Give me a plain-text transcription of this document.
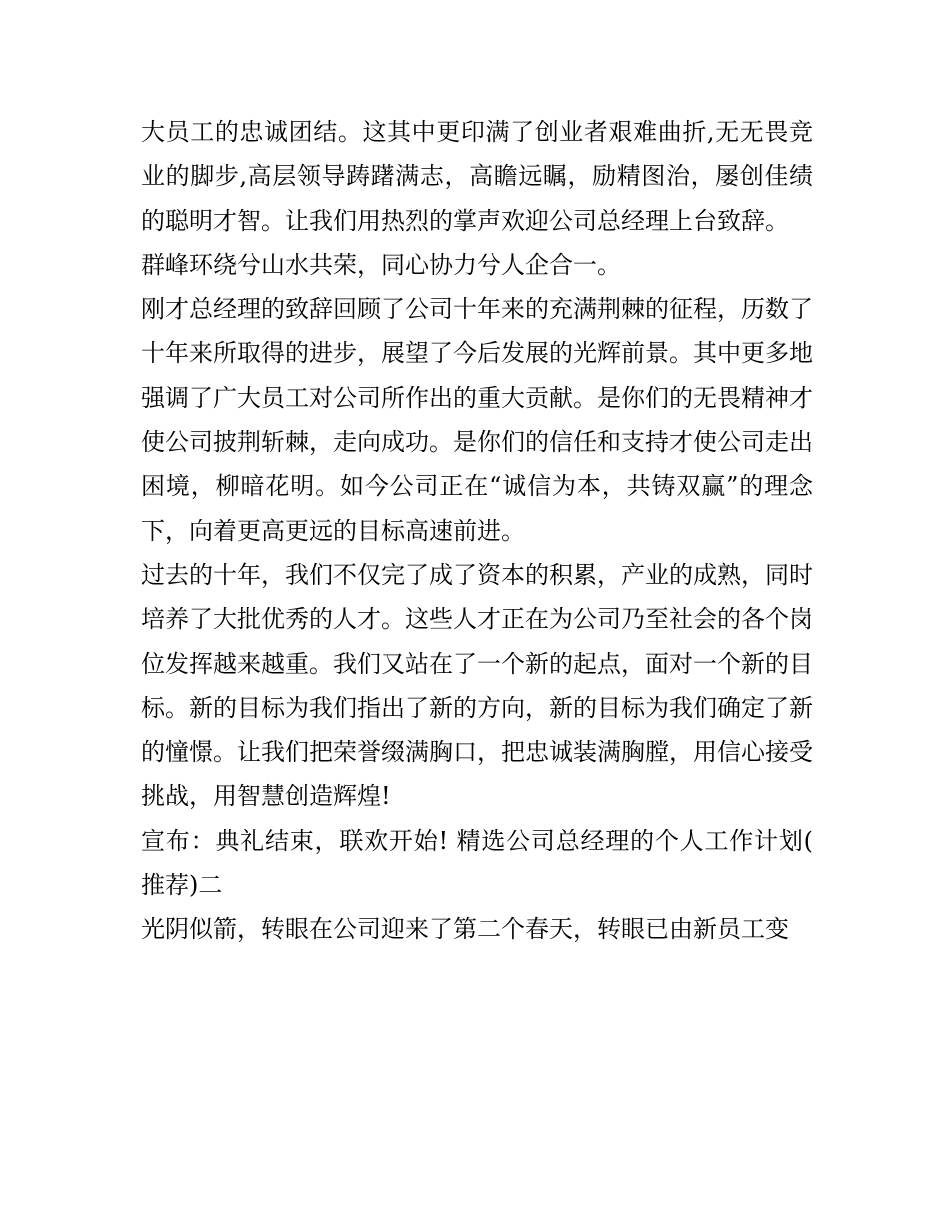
大员工的忠诚团结。这其中更印满了创业者艰难曲折,无无畏竞业的脚步,高层领导踌躇满志，高瞻远瞩，励精图治，屡创佳绩的聪明才智。让我们用热烈的掌声欢迎公司总经理上台致辞。

群峰环绕兮山水共荣，同心协力兮人企合一。

刚才总经理的致辞回顾了公司十年来的充满荆棘的征程，历数了十年来所取得的进步，展望了今后发展的光辉前景。其中更多地强调了广大员工对公司所作出的重大贡献。是你们的无畏精神才使公司披荆斩棘，走向成功。是你们的信任和支持才使公司走出困境，柳暗花明。如今公司正在“诚信为本，共铸双赢”的理念下，向着更高更远的目标高速前进。

过去的十年，我们不仅完了成了资本的积累，产业的成熟，同时培养了大批优秀的人才。这些人才正在为公司乃至社会的各个岗位发挥越来越重。我们又站在了一个新的起点，面对一个新的目标。新的目标为我们指出了新的方向，新的目标为我们确定了新的憧憬。让我们把荣誉缀满胸口，把忠诚装满胸膛，用信心接受挑战，用智慧创造辉煌!

宣布：典礼结束，联欢开始! 精选公司总经理的个人工作计划(推荐)二

光阴似箭，转眼在公司迎来了第二个春天，转眼已由新员工变
